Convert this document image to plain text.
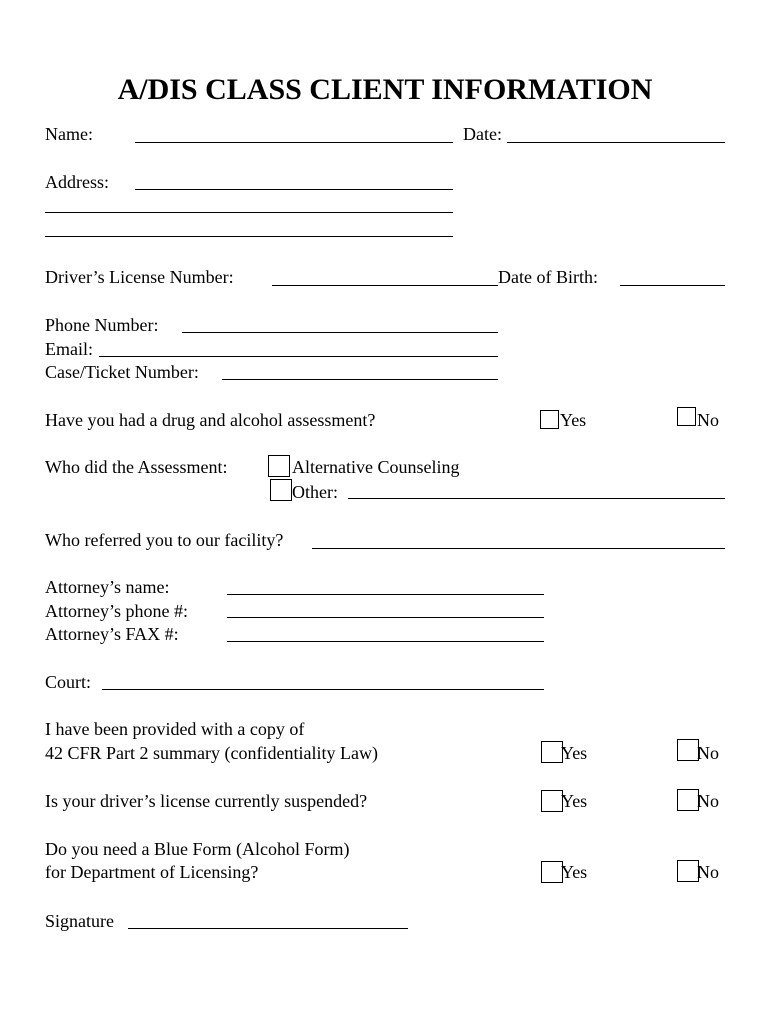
A/DIS CLASS CLIENT INFORMATION
Name:	Date:
Address:
Driver’s License Number:	Date of Birth:
Phone Number:
Email:
Case/Ticket Number:
Have you had a drug and alcohol assessment?	Yes	No
Who did the Assessment:	Alternative Counseling
Other:
Who referred you to our facility?
Attorney’s name:
Attorney’s phone #:
Attorney’s FAX #:
Court:
I have been provided with a copy of
42 CFR Part 2 summary (confidentiality Law)	Yes	No
Is your driver’s license currently suspended?	Yes	No
Do you need a Blue Form (Alcohol Form)
for Department of Licensing?	Yes	No
Signature
